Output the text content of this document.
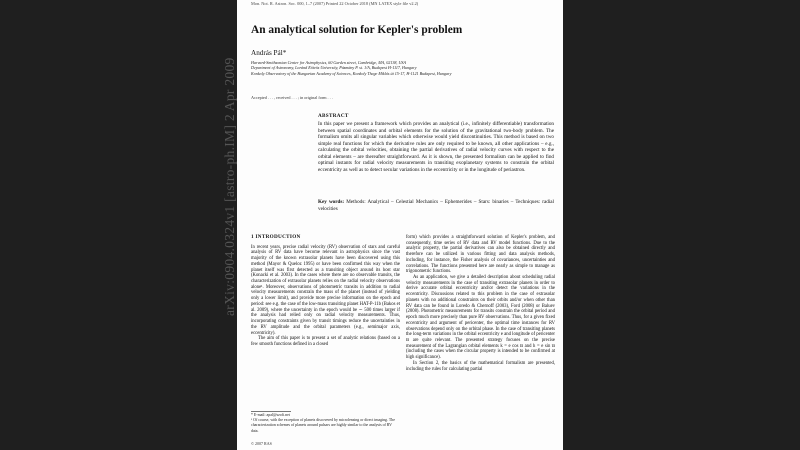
arXiv:0904.0324v1 [astro-ph.IM] 2 Apr 2009
Mon. Not. R. Astron. Soc. 000, 1–7 (2007) Printed 22 October 2018 (MN LATEX style file v2.2)
An analytical solution for Kepler's problem
András Pál*

Harvard-Smithsonian Center for Astrophysics, 60 Garden street, Cambridge, MA, 02138, USA

Department of Astronomy, Loránd Eötvös University, Pázmány P. st. 1/A, Budapest H-1117, Hungary

Konkoly Observatory of the Hungarian Academy of Sciences, Konkoly Thege Miklós út 15-17, H-1121 Budapest, Hungary

Accepted . . . , received . . . ; in original form . . .
ABSTRACT

In this paper we present a framework which provides an analytical (i.e., infinitely differentiable) transformation between spatial coordinates and orbital elements for the solution of the gravitational two-body problem. The formalism omits all singular variables which otherwise would yield discontinuities. This method is based on two simple real functions for which the derivative rules are only required to be known, all other applications – e.g., calculating the orbital velocities, obtaining the partial derivatives of radial velocity curves with respect to the orbital elements – are thereafter straightforward. As it is shown, the presented formalism can be applied to find optimal instants for radial velocity measurements in transiting exoplanetary systems to constrain the orbital eccentricity as well as to detect secular variations in the eccentricity or in the longitude of periastron.

Key words: Methods: Analytical – Celestial Mechanics – Ephemerides – Stars: binaries – Techniques: radial velocities
1 INTRODUCTION

In recent years, precise radial velocity (RV) observation of stars and careful analysis of RV data have become relevant in astrophysics since the vast majority of the known extrasolar planets have been discovered using this method (Mayor & Queloz 1995) or have been confirmed this way when the planet itself was first detected as a transiting object around its host star (Konacki et al. 2003). In the cases where there are no observable transits, the characterization of extrasolar planets relies on the radial velocity observations alone¹. Moreover, observations of photometric transits in addition to radial velocity measurements constrain the mass of the planet (instead of yielding only a lower limit), and provide more precise information on the epoch and period: see e.g. the case of the low-mass transiting planet HAT-P-11b (Bakos et al. 2009), where the uncertainty in the epoch would be ∼ 500 times larger if the analysis had relied only on radial velocity measurements. Thus, incorporating constraints given by transit timings reduce the uncertainties in the RV amplitude and the orbital parameters (e.g., semimajor axis, eccentricity).

The aim of this paper is to present a set of analytic relations (based on a few smooth functions defined in a closed

form) which provides a straightforward solution of Kepler's problem, and consequently, time series of RV data and RV model functions. Due to the analytic property, the partial derivatives can also be obtained directly and therefore can be utilized in various fitting and data analysis methods, including, for instance, the Fisher analysis of covariances, uncertainties and correlations. The functions presented here are nearly as simple to manage as trigonometric functions.

As an application, we give a detailed description about scheduling radial velocity measurements in the case of transiting extrasolar planets in order to derive accurate orbital eccentricity and/or detect the variations in the eccentricity. Discussions related to this problem in the case of extrasolar planets with no additional constraints on their orbits and/or when other than RV data can be found in Loredo & Chernoff (2003), Ford (2008) or Baluev (2008). Photometric measurements for transits constrain the orbital period and epoch much more precisely than pure RV observations. Thus, for a given fixed eccentricity and argument of pericenter, the optimal time instances for RV observations depend only on the orbital phase. In the case of transiting planets the long-term variations in the orbital eccentricity e and longitude of pericenter ϖ are quite relevant. The presented strategy focuses on the precise measurement of the Lagrangian orbital elements k = e cos ϖ and h = e sin ϖ (including the cases when the circular property is intended to be confirmed at high significance).

In Section 2, the basics of the mathematical formalism are presented, including the rules for calculating partial

* E-mail: apal@szofi.net

¹ Of course, with the exception of planets discovered by microlensing or direct imaging. The characterization schemes of planets around pulsars are highly similar to the analysis of RV data.

© 2007 RAS
